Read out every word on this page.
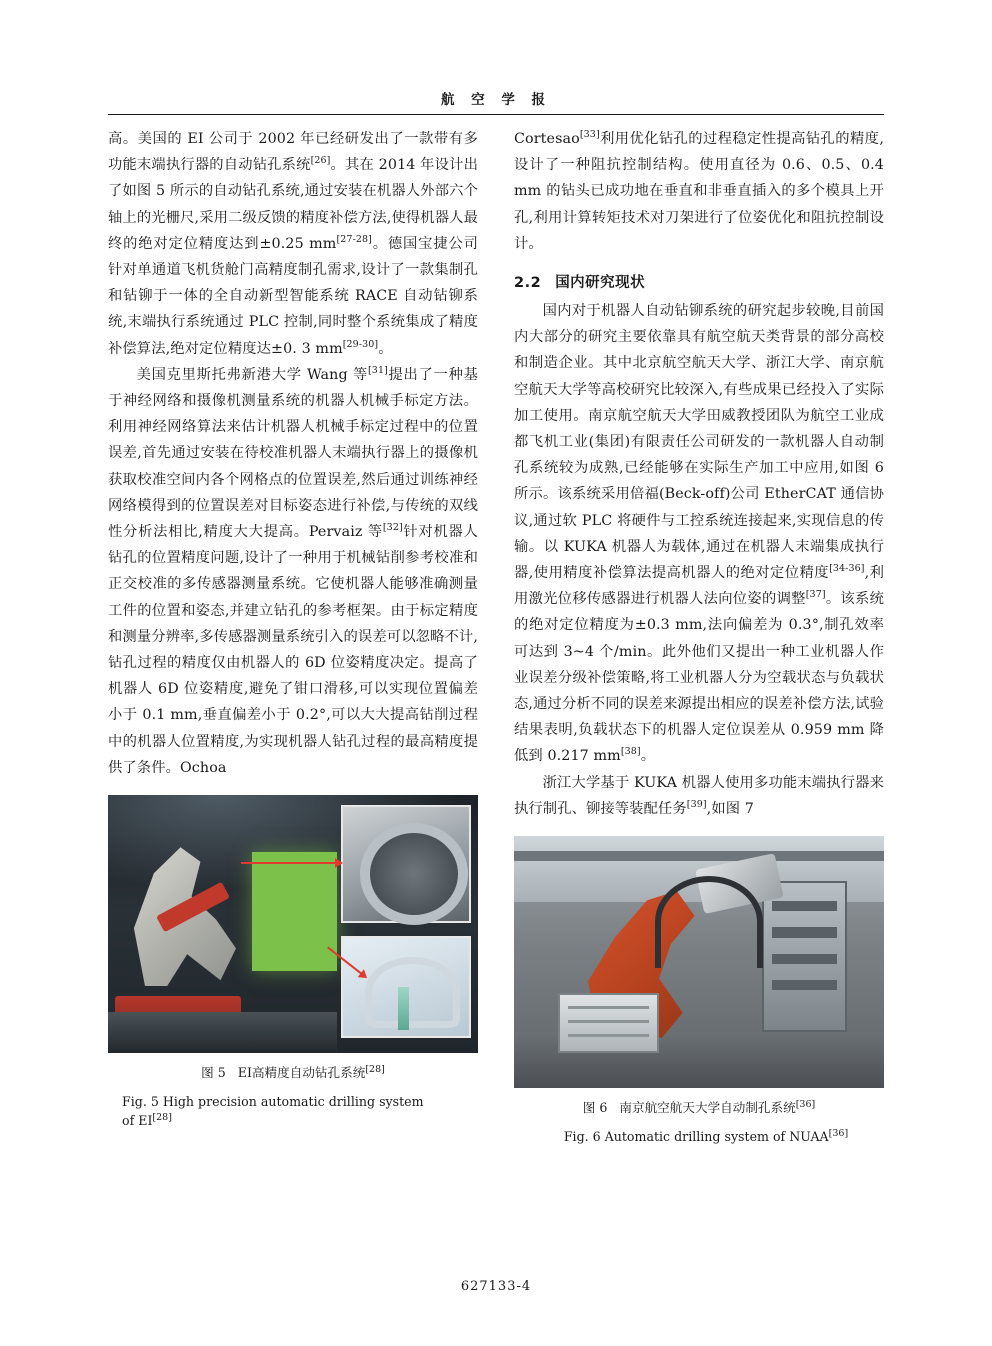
航 空 学 报

高。美国的 EI 公司于 2002 年已经研发出了一款带有多功能末端执行器的自动钻孔系统[26]。其在 2014 年设计出了如图 5 所示的自动钻孔系统,通过安装在机器人外部六个轴上的光栅尺,采用二级反馈的精度补偿方法,使得机器人最终的绝对定位精度达到±0.25 mm[27-28]。德国宝捷公司针对单通道飞机货舱门高精度制孔需求,设计了一款集制孔和钻铆于一体的全自动新型智能系统 RACE 自动钻铆系统,末端执行系统通过 PLC 控制,同时整个系统集成了精度补偿算法,绝对定位精度达±0. 3 mm[29-30]。

美国克里斯托弗新港大学 Wang 等[31]提出了一种基于神经网络和摄像机测量系统的机器人机械手标定方法。利用神经网络算法来估计机器人机械手标定过程中的位置误差,首先通过安装在待校准机器人末端执行器上的摄像机获取校准空间内各个网格点的位置误差,然后通过训练神经网络模得到的位置误差对目标姿态进行补偿,与传统的双线性分析法相比,精度大大提高。Pervaiz 等[32]针对机器人钻孔的位置精度问题,设计了一种用于机械钻削参考校准和正交校准的多传感器测量系统。它使机器人能够准确测量工件的位置和姿态,并建立钻孔的参考框架。由于标定精度和测量分辨率,多传感器测量系统引入的误差可以忽略不计,钻孔过程的精度仅由机器人的 6D 位姿精度决定。提高了机器人 6D 位姿精度,避免了钳口滑移,可以实现位置偏差小于 0.1 mm,垂直偏差小于 0.2°,可以大大提高钻削过程中的机器人位置精度,为实现机器人钻孔过程的最高精度提供了条件。Ochoa

图 5 EI高精度自动钻孔系统[28]
Fig. 5 High precision automatic drilling system
of EI[28]

Cortesao[33]利用优化钻孔的过程稳定性提高钻孔的精度,设计了一种阻抗控制结构。使用直径为 0.6、0.5、0.4 mm 的钻头已成功地在垂直和非垂直插入的多个模具上开孔,利用计算转矩技术对刀架进行了位姿优化和阻抗控制设计。

2.2 国内研究现状

国内对于机器人自动钻铆系统的研究起步较晚,目前国内大部分的研究主要依靠具有航空航天类背景的部分高校和制造企业。其中北京航空航天大学、浙江大学、南京航空航天大学等高校研究比较深入,有些成果已经投入了实际加工使用。南京航空航天大学田威教授团队为航空工业成都飞机工业(集团)有限责任公司研发的一款机器人自动制孔系统较为成熟,已经能够在实际生产加工中应用,如图 6 所示。该系统采用倍福(Beck-off)公司 EtherCAT 通信协议,通过软 PLC 将硬件与工控系统连接起来,实现信息的传输。以 KUKA 机器人为载体,通过在机器人末端集成执行器,使用精度补偿算法提高机器人的绝对定位精度[34-36],利用激光位移传感器进行机器人法向位姿的调整[37]。该系统的绝对定位精度为±0.3 mm,法向偏差为 0.3°,制孔效率可达到 3~4 个/min。此外他们又提出一种工业机器人作业误差分级补偿策略,将工业机器人分为空载状态与负载状态,通过分析不同的误差来源提出相应的误差补偿方法,试验结果表明,负载状态下的机器人定位误差从 0.959 mm 降低到 0.217 mm[38]。

浙江大学基于 KUKA 机器人使用多功能末端执行器来执行制孔、铆接等装配任务[39],如图 7

图 6 南京航空航天大学自动制孔系统[36]
Fig. 6 Automatic drilling system of NUAA[36]
627133-4
